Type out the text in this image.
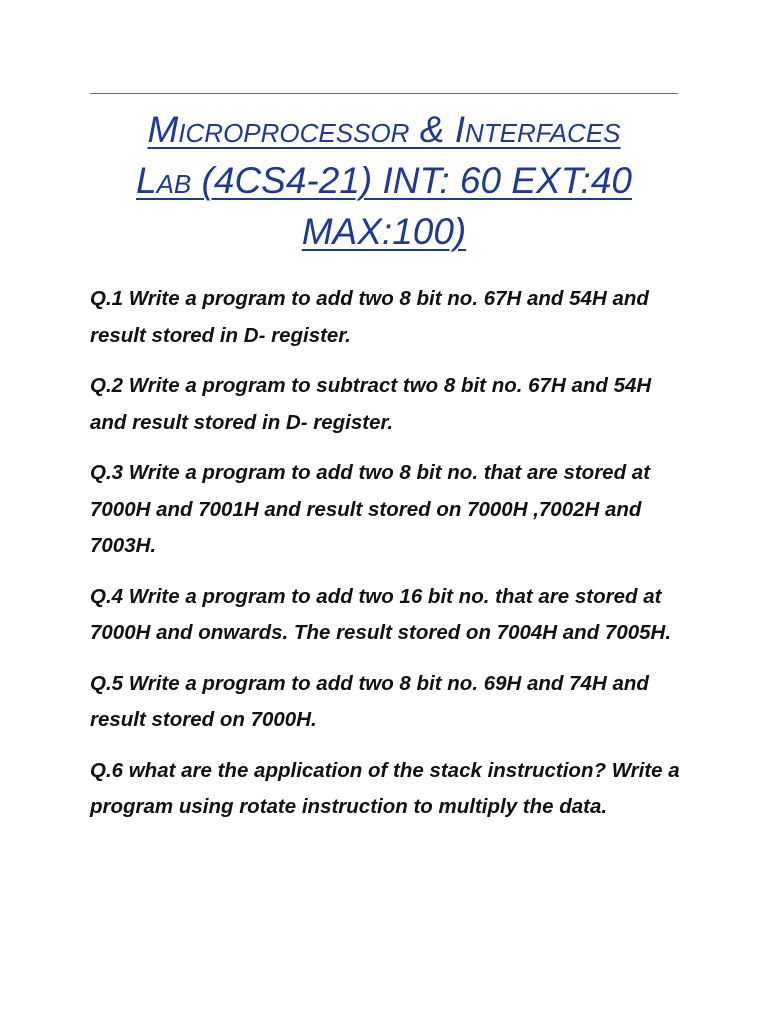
Microprocessor & Interfaces
Lab (4CS4-21) INT: 60 EXT:40
MAX:100)
Q.1 Write a program to add two 8 bit no. 67H and 54H and result stored in D- register.
Q.2 Write a program to subtract two 8 bit no. 67H and 54H and result stored in D- register.
Q.3 Write a program to add two 8 bit no. that are stored at 7000H and 7001H and result stored on 7000H ,7002H and 7003H.
Q.4 Write a program to add two 16 bit no. that are stored at 7000H and onwards. The result stored on 7004H and 7005H.
Q.5 Write a program to add two 8 bit no. 69H and 74H and result stored on 7000H.
Q.6 what are the application of the stack instruction? Write a program using rotate instruction to multiply the data.
